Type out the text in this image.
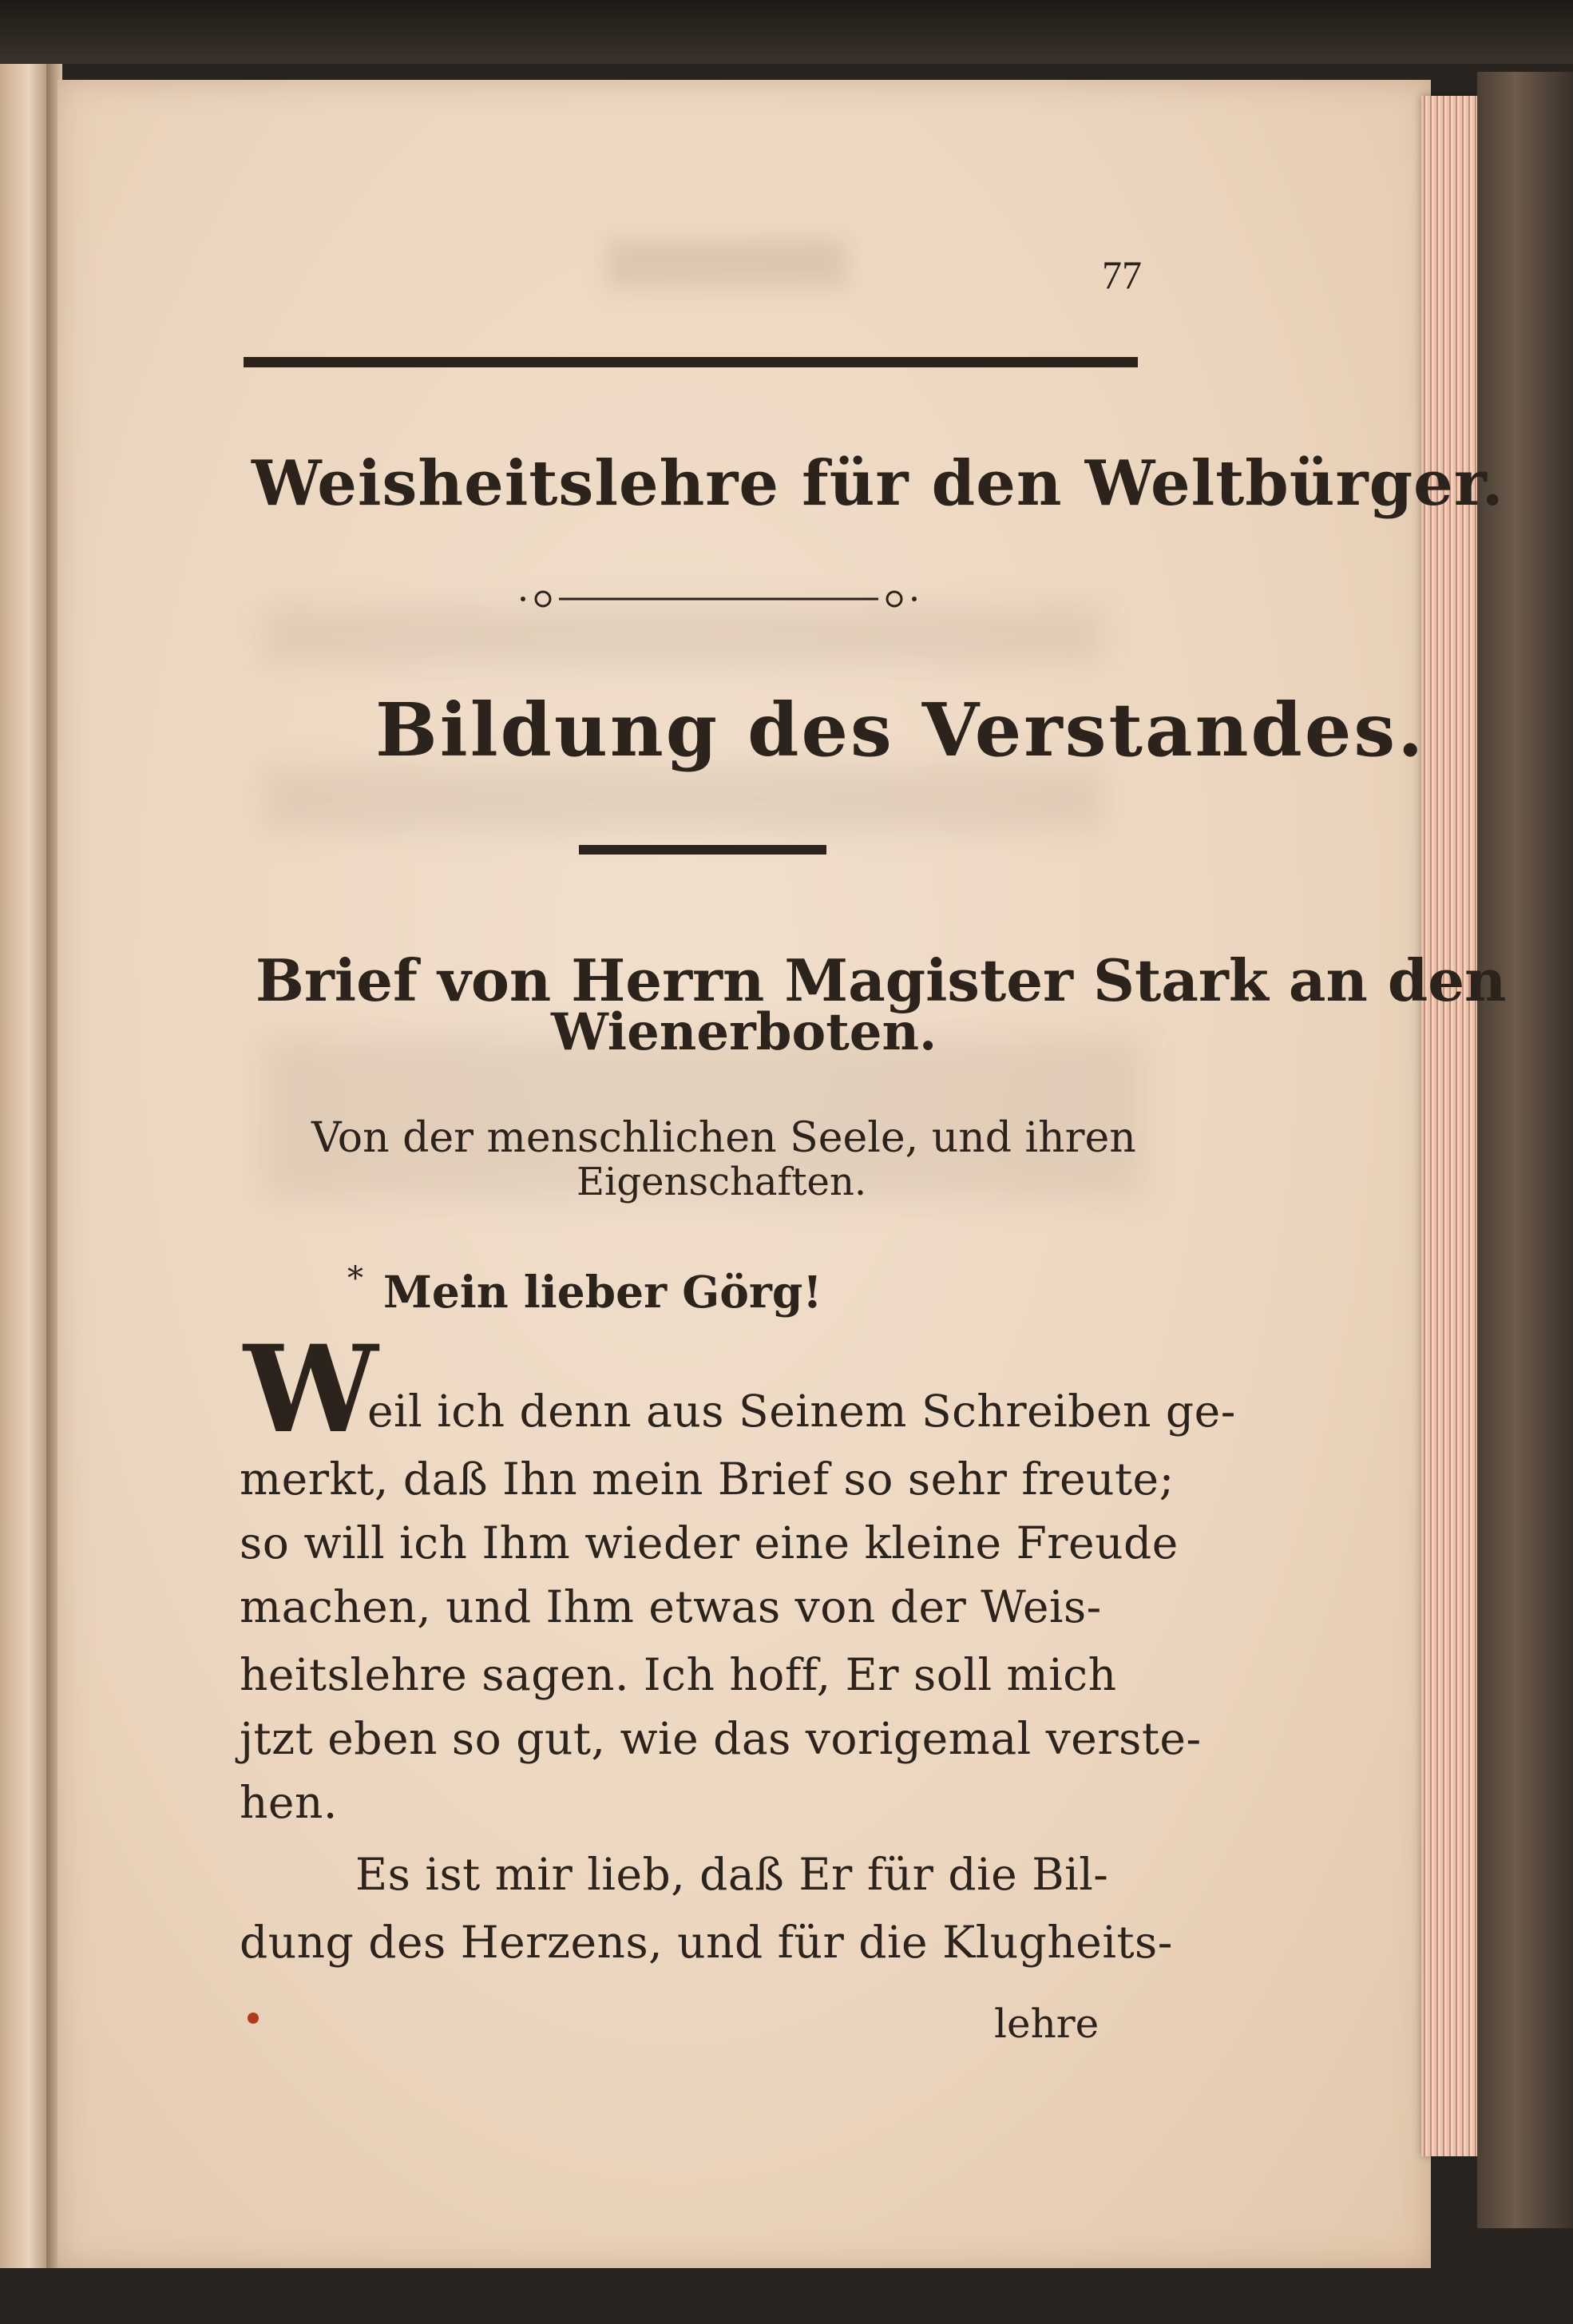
77
Weisheitslehre für den Weltbürger.
Bildung des Verstandes.
Brief von Herrn Magister Stark an den
Wienerboten.
Von der menschlichen Seele, und ihren
Eigenschaften.
* Mein lieber Görg!
W
eil ich denn aus Seinem Schreiben ge-
merkt, daß Ihn mein Brief so sehr freute;
so will ich Ihm wieder eine kleine Freude
machen, und Ihm etwas von der Weis-
heitslehre sagen. Ich hoff, Er soll mich
jtzt eben so gut, wie das vorigemal verste-
hen.
Es ist mir lieb, daß Er für die Bil-
dung des Herzens, und für die Klugheits-
lehre
